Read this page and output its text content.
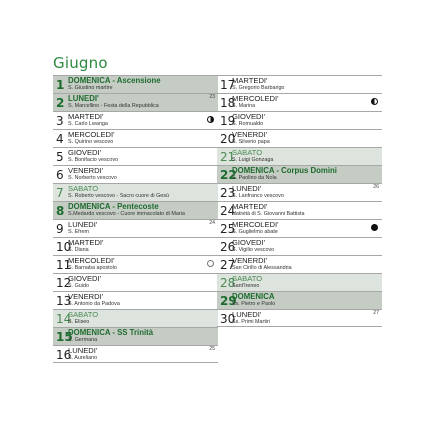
Giugno
1 DOMENICA - Ascensione
S. Giustino martire
2 LUNEDI'
S. Marcellino - Festa della Repubblica
23
3 MARTEDI'
S. Carlo Lwanga
4 MERCOLEDI'
S. Quirino vescovo
5 GIOVEDI'
S. Bonifacio vescovo
6 VENERDI'
S. Norberto vescovo
7 SABATO
S. Roberto vescovo - Sacro cuore di Gesù
8 DOMENICA - Pentecoste
S.Medardo vescovo - Cuore immacolato di Maria
9 LUNEDI'
S. Efrem
24
10
MARTEDI'
S. Diana
11
MERCOLEDI'
S. Barnaba apostolo
12
GIOVEDI'
S. Guido
13
VENERDI'
S. Antonio da Padova
14
SABATO
S. Eliseo
15
DOMENICA - SS Trinità
S. Germana
16
LUNEDI'
S. Aureliano
25
17
MARTEDI'
S. Gregorio Barbarigo
18
MERCOLEDI'
S. Marina
19
GIOVEDI'
S. Romualdo
20
VENERDI'
S. Silverio papa
21
SABATO
S. Luigi Gonzaga
22
DOMENICA - Corpus Domini
S. Paolino da Nola
23
LUNEDI'
S. Lanfranco vescovo
26
24
MARTEDI'
Natività di S. Giovanni Battista
25
MERCOLEDI'
S. Guglielmo abate
26
GIOVEDI'
S. Vigilio vescovo
27
VENERDI'
San Cirillo di Alessandria
28
SABATO
Sant'Ireneo
29
DOMENICA
Ss. Pietro e Paolo
30
LUNEDI'
Ss. Primi Martiri
27
